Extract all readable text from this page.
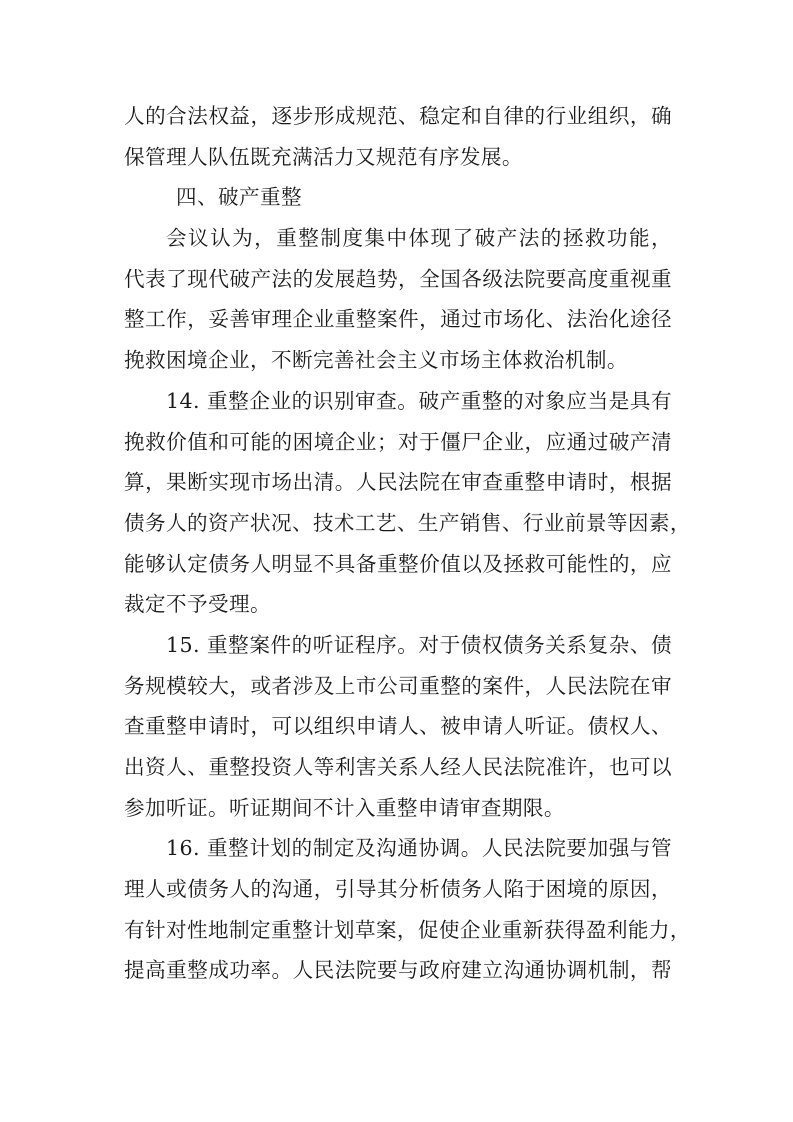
人的合法权益，逐步形成规范、稳定和自律的行业组织，确
保管理人队伍既充满活力又规范有序发展。
四、破产重整
会议认为，重整制度集中体现了破产法的拯救功能，
代表了现代破产法的发展趋势，全国各级法院要高度重视重
整工作，妥善审理企业重整案件，通过市场化、法治化途径
挽救困境企业，不断完善社会主义市场主体救治机制。
14. 重整企业的识别审查。破产重整的对象应当是具有
挽救价值和可能的困境企业；对于僵尸企业，应通过破产清
算，果断实现市场出清。人民法院在审查重整申请时，根据
债务人的资产状况、技术工艺、生产销售、行业前景等因素，
能够认定债务人明显不具备重整价值以及拯救可能性的，应
裁定不予受理。
15. 重整案件的听证程序。对于债权债务关系复杂、债
务规模较大，或者涉及上市公司重整的案件，人民法院在审
查重整申请时，可以组织申请人、被申请人听证。债权人、
出资人、重整投资人等利害关系人经人民法院准许，也可以
参加听证。听证期间不计入重整申请审查期限。
16. 重整计划的制定及沟通协调。人民法院要加强与管
理人或债务人的沟通，引导其分析债务人陷于困境的原因，
有针对性地制定重整计划草案，促使企业重新获得盈利能力，
提高重整成功率。人民法院要与政府建立沟通协调机制，帮
